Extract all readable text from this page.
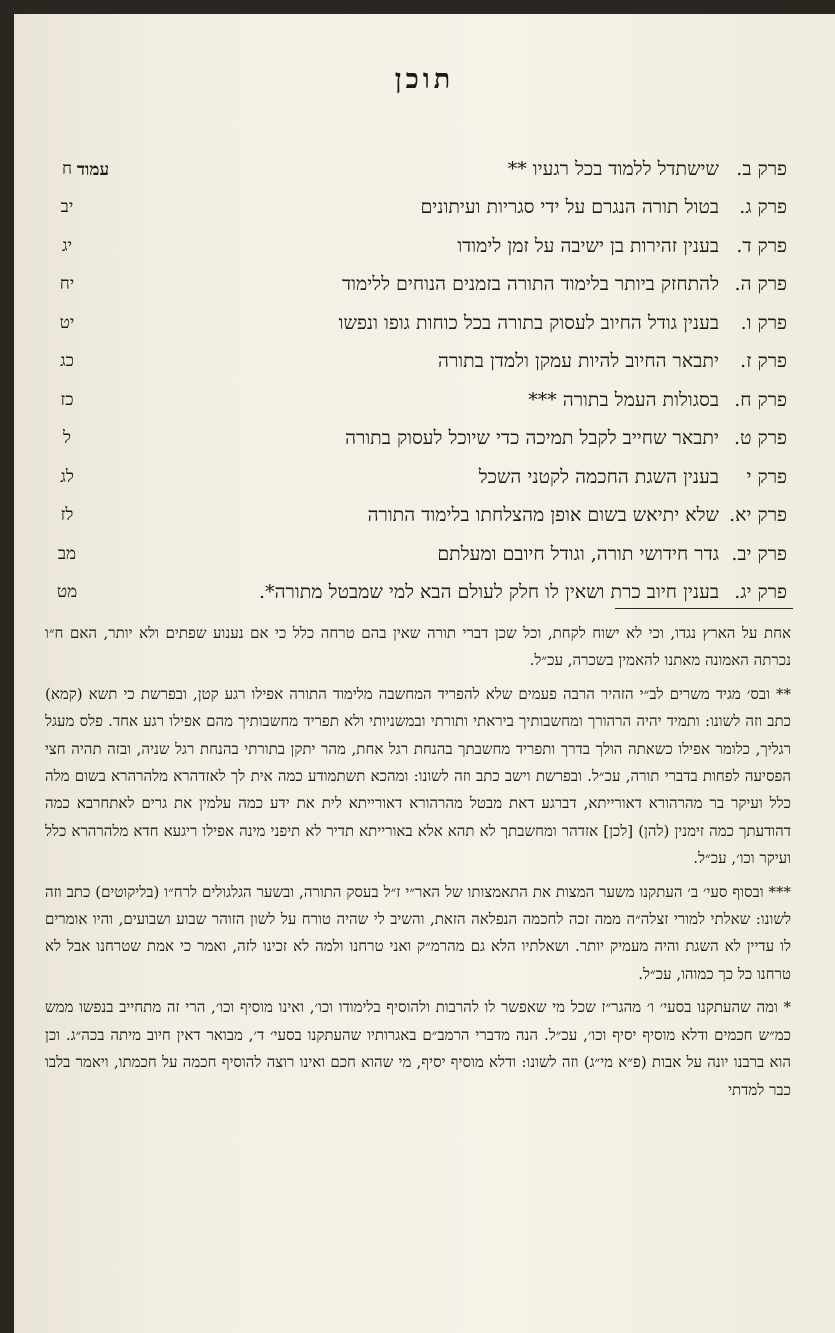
תוכן
עמוד	פרק ב.
שישתדל ללמוד בכל רגעיו **
ח
פרק ג.
בטול תורה הנגרם על ידי סגריות ועיתונים
יב
פרק ד.
בענין זהירות בן ישיבה על זמן לימודו
יג
פרק ה.
להתחזק ביותר בלימוד התורה בזמנים הנוחים ללימוד
יח
פרק ו.
בענין גודל החיוב לעסוק בתורה בכל כוחות גופו ונפשו
יט
פרק ז.
יתבאר החיוב להיות עמקן ולמדן בתורה
כג
פרק ח.
בסגולות העמל בתורה ***
כז
פרק ט.
יתבאר שחייב לקבל תמיכה כדי שיוכל לעסוק בתורה
ל
פרק י
בענין השגת החכמה לקטני השכל
לג
פרק יא.
שלא יתיאש בשום אופן מהצלחתו בלימוד התורה
לז
פרק יב.
גדר חידושי תורה, וגודל חיובם ומעלתם
מב
פרק יג.
בענין חיוב כרת ושאין לו חלק לעולם הבא למי שמבטל מתורה*.
מט

אחת על הארץ נגדו, וכי לא ישוח לקחת, וכל שכן דברי תורה שאין בהם טרחה כלל כי אם נענוע שפתים ולא יותר, האם ח״ו נכרתה האמונה מאתנו להאמין בשכרה, עכ״ל.

** ובס׳ מגיד משרים לב״י הזהיר הרבה פעמים שלא להפריד המחשבה מלימוד התורה אפילו רגע קטן, ובפרשת כי תשא (קמא) כתב וזה לשונו: ותמיד יהיה הרהורך ומחשבותיך ביראתי ותורתי ובמשניותי ולא תפריד מחשבותיך מהם אפילו רגע אחד. פלס מעגל רגליך, כלומר אפילו כשאתה הולך בדרך ותפריד מחשבתך בהנחת רגל אחת, מהר יתקן בתורתי בהנחת רגל שניה, ובזה תהיה חצי הפסיעה לפחות בדברי תורה, עכ״ל. ובפרשת וישב כתב וזה לשונו: ומהכא תשתמודע כמה אית לך לאזדהרא מלהרהרא בשום מלה כלל ועיקר בר מהרהורא דאורייתא, דברגע דאת מבטל מהרהורא דאורייתא לית את ידע כמה עלמין את גרים לאתחרבא כמה דהודעתך כמה זימנין (להן) [לכן] אזדהר ומחשבתך לא תהא אלא באורייתא תדיר לא תיפני מינה אפילו ריגעא חדא מלהרהרא כלל ועיקר וכו׳, עכ״ל.

*** ובסוף סעי׳ ב׳ העתקנו משער המצות את התאמצותו של האר״י ז״ל בעסק התורה, ובשער הגלגולים לרח״ו (בליקוטים) כתב וזה לשונו: שאלתי למורי זצלה״ה ממה זכה לחכמה הנפלאה הזאת, והשיב לי שהיה טורח על לשון הזוהר שבוע ושבועים, והיו אומרים לו עדיין לא השגת והיה מעמיק יותר. ושאלתיו הלא גם מהרמ״ק ואני טרחנו ולמה לא זכינו לזה, ואמר כי אמת שטרחנו אבל לא טרחנו כל כך כמוהו, עכ״ל.

* ומה שהעתקנו בסעי׳ ו׳ מהגר״ז שכל מי שאפשר לו להרבות ולהוסיף בלימודו וכו׳, ואינו מוסיף וכו׳, הרי זה מתחייב בנפשו ממש כמ״ש חכמים ודלא מוסיף יסיף וכו׳, עכ״ל. הנה מדברי הרמב״ם באגרותיו שהעתקנו בסעי׳ ד׳, מבואר דאין חיוב מיתה בכה״ג. וכן הוא ברבנו יונה על אבות (פ״א מי״ג) וזה לשונו: ודלא מוסיף יסיף, מי שהוא חכם ואינו רוצה להוסיף חכמה על חכמתו, ויאמר בלבו כבר למדתי
